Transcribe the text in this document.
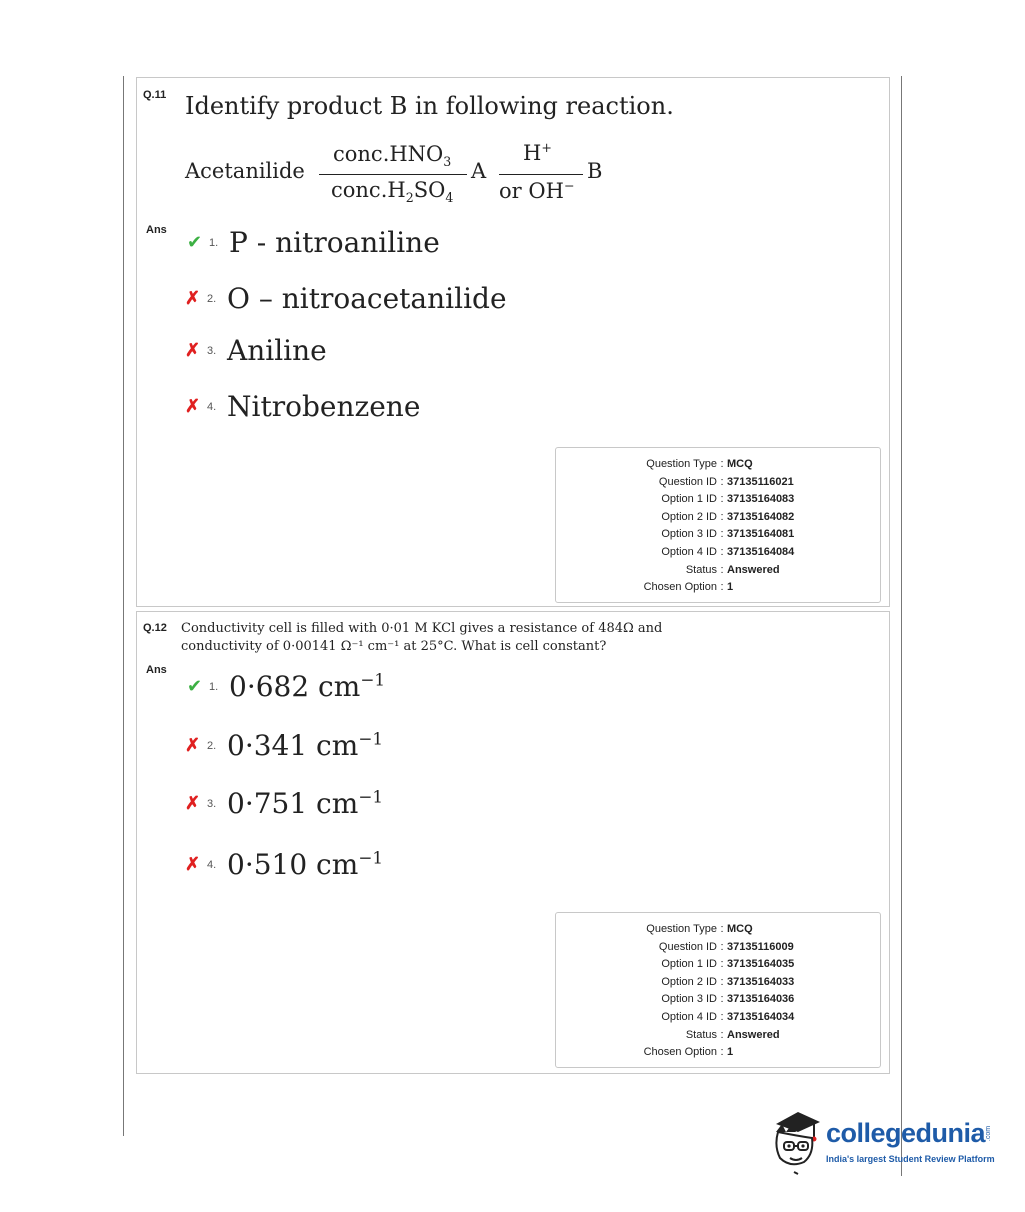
Q.11 Identify product B in following reaction.
Acetanilide
$conc.HNO_3$
$conc.H_2SO_4$
A
H+
or OH−
B
Ans
✔ 1. P - nitroaniline
✗ 2. O – nitroacetanilide
✗ 3. Aniline
✗ 4. Nitrobenzene
Question Type : MCQ
Question ID : 37135116021
Option 1 ID : 37135164083
Option 2 ID : 37135164082
Option 3 ID : 37135164081
Option 4 ID : 37135164084
Status : Answered
Chosen Option : 1
Q.12 Conductivity cell is filled with 0·01 M KCl gives a resistance of 484Ω and
conductivity of 0·00141 Ω⁻¹ cm⁻¹ at 25°C. What is cell constant?
Ans
✔ 1. 0·682 $cm^{-1}$
✗ 2. 0·341 $cm^{-1}$
✗ 3. 0·751 $cm^{-1}$
✗ 4. 0·510 $cm^{-1}$
Question Type : MCQ
Question ID : 37135116009
Option 1 ID : 37135164035
Option 2 ID : 37135164033
Option 3 ID : 37135164036
Option 4 ID : 37135164034
Status : Answered
Chosen Option : 1
collegedunia .com
India's largest Student Review Platform
